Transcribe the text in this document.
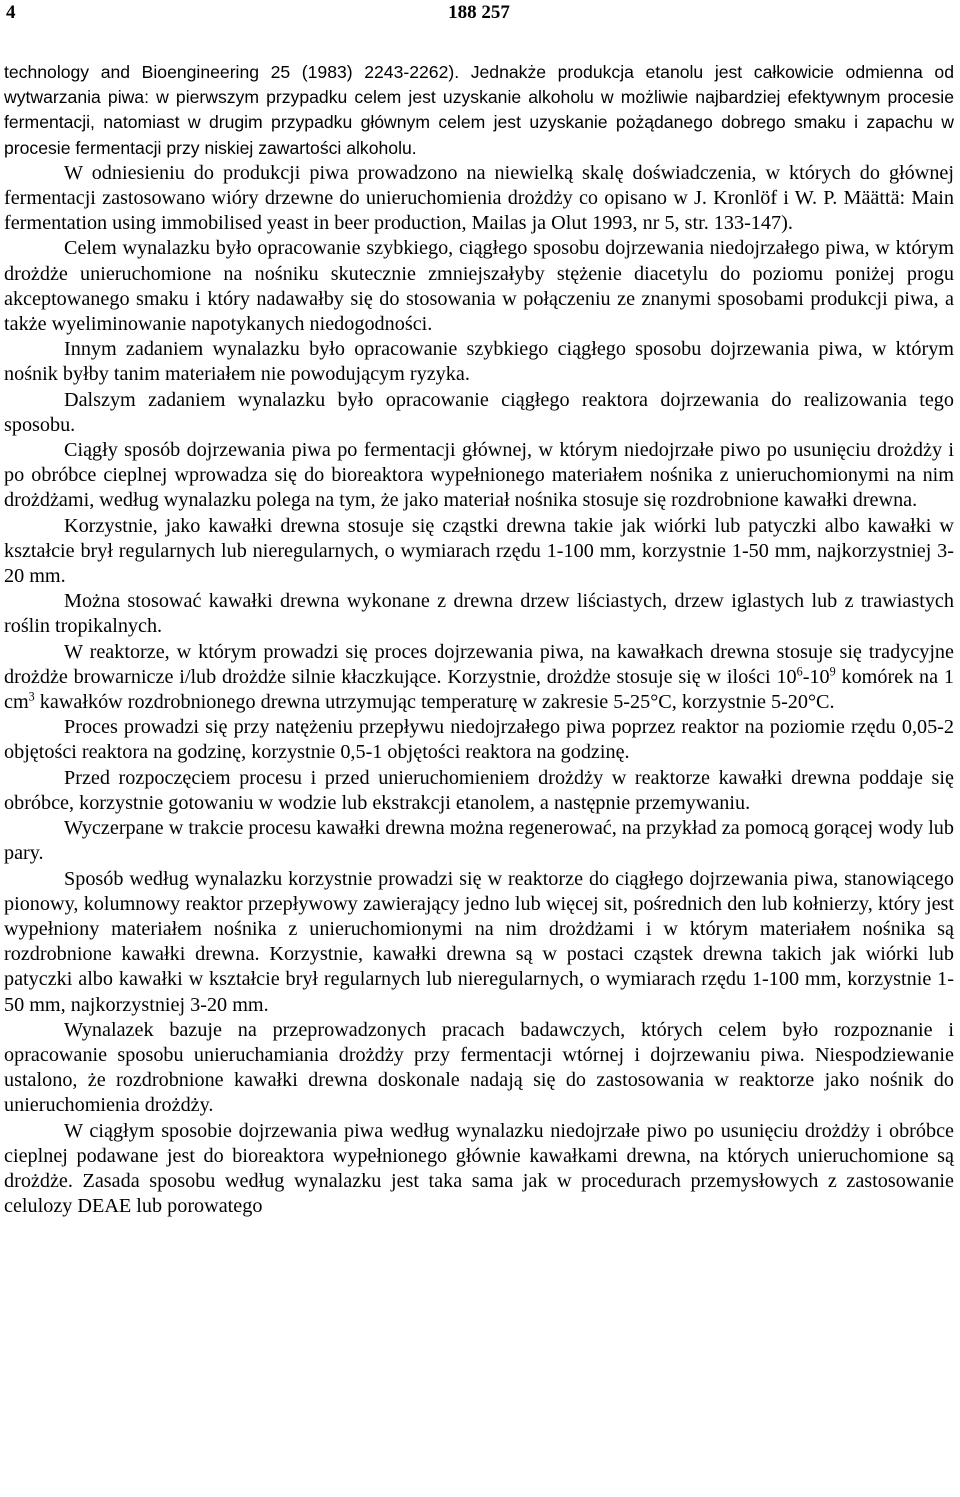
4	188 257

technology and Bioengineering 25 (1983) 2243-2262). Jednakże produkcja etanolu jest całkowicie odmienna od wytwarzania piwa: w pierwszym przypadku celem jest uzyskanie alkoholu w możliwie najbardziej efektywnym procesie fermentacji, natomiast w drugim przypadku głównym celem jest uzyskanie pożądanego dobrego smaku i zapachu w procesie fermentacji przy niskiej zawartości alkoholu.

W odniesieniu do produkcji piwa prowadzono na niewielką skalę doświadczenia, w których do głównej fermentacji zastosowano wióry drzewne do unieruchomienia drożdży co opisano w J. Kronlöf i W. P. Määttä: Main fermentation using immobilised yeast in beer production, Mailas ja Olut 1993, nr 5, str. 133-147).

Celem wynalazku było opracowanie szybkiego, ciągłego sposobu dojrzewania niedojrzałego piwa, w którym drożdże unieruchomione na nośniku skutecznie zmniejszałyby stężenie diacetylu do poziomu poniżej progu akceptowanego smaku i który nadawałby się do stosowania w połączeniu ze znanymi sposobami produkcji piwa, a także wyeliminowanie napotykanych niedogodności.

Innym zadaniem wynalazku było opracowanie szybkiego ciągłego sposobu dojrzewania piwa, w którym nośnik byłby tanim materiałem nie powodującym ryzyka.

Dalszym zadaniem wynalazku było opracowanie ciągłego reaktora dojrzewania do realizowania tego sposobu.

Ciągły sposób dojrzewania piwa po fermentacji głównej, w którym niedojrzałe piwo po usunięciu drożdży i po obróbce cieplnej wprowadza się do bioreaktora wypełnionego materiałem nośnika z unieruchomionymi na nim drożdżami, według wynalazku polega na tym, że jako materiał nośnika stosuje się rozdrobnione kawałki drewna.

Korzystnie, jako kawałki drewna stosuje się cząstki drewna takie jak wiórki lub patyczki albo kawałki w kształcie brył regularnych lub nieregularnych, o wymiarach rzędu 1-100 mm, korzystnie 1-50 mm, najkorzystniej 3-20 mm.

Można stosować kawałki drewna wykonane z drewna drzew liściastych, drzew iglastych lub z trawiastych roślin tropikalnych.

W reaktorze, w którym prowadzi się proces dojrzewania piwa, na kawałkach drewna stosuje się tradycyjne drożdże browarnicze i/lub drożdże silnie kłaczkujące. Korzystnie, drożdże stosuje się w ilości $10^6-10^9$ komórek na 1 $cm^3$ kawałków rozdrobnionego drewna utrzymując temperaturę w zakresie 5-25°C, korzystnie 5-20°C.

Proces prowadzi się przy natężeniu przepływu niedojrzałego piwa poprzez reaktor na poziomie rzędu 0,05-2 objętości reaktora na godzinę, korzystnie 0,5-1 objętości reaktora na godzinę.

Przed rozpoczęciem procesu i przed unieruchomieniem drożdży w reaktorze kawałki drewna poddaje się obróbce, korzystnie gotowaniu w wodzie lub ekstrakcji etanolem, a następnie przemywaniu.

Wyczerpane w trakcie procesu kawałki drewna można regenerować, na przykład za pomocą gorącej wody lub pary.

Sposób według wynalazku korzystnie prowadzi się w reaktorze do ciągłego dojrzewania piwa, stanowiącego pionowy, kolumnowy reaktor przepływowy zawierający jedno lub więcej sit, pośrednich den lub kołnierzy, który jest wypełniony materiałem nośnika z unieruchomionymi na nim drożdżami i w którym materiałem nośnika są rozdrobnione kawałki drewna. Korzystnie, kawałki drewna są w postaci cząstek drewna takich jak wiórki lub patyczki albo kawałki w kształcie brył regularnych lub nieregularnych, o wymiarach rzędu 1-100 mm, korzystnie 1-50 mm, najkorzystniej 3-20 mm.

Wynalazek bazuje na przeprowadzonych pracach badawczych, których celem było rozpoznanie i opracowanie sposobu unieruchamiania drożdży przy fermentacji wtórnej i dojrzewaniu piwa. Niespodziewanie ustalono, że rozdrobnione kawałki drewna doskonale nadają się do zastosowania w reaktorze jako nośnik do unieruchomienia drożdży.

W ciągłym sposobie dojrzewania piwa według wynalazku niedojrzałe piwo po usunięciu drożdży i obróbce cieplnej podawane jest do bioreaktora wypełnionego głównie kawałkami drewna, na których unieruchomione są drożdże. Zasada sposobu według wynalazku jest taka sama jak w procedurach przemysłowych z zastosowanie celulozy DEAE lub porowatego
